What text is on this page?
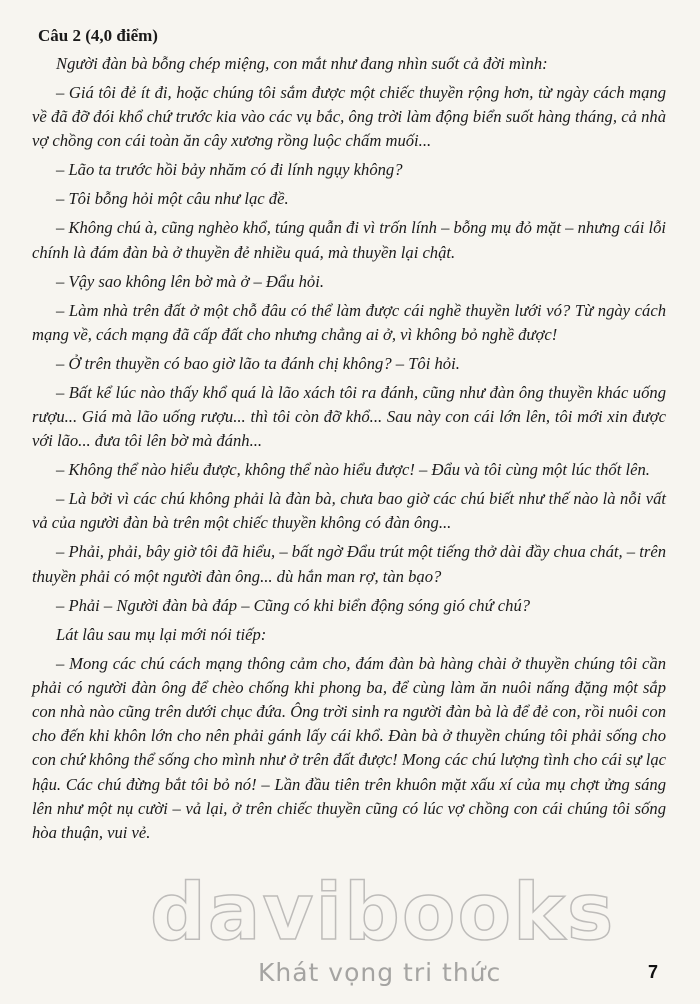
Câu 2 (4,0 điểm)

Người đàn bà bỗng chép miệng, con mắt như đang nhìn suốt cả đời mình:

– Giá tôi đẻ ít đi, hoặc chúng tôi sắm được một chiếc thuyền rộng hơn, từ ngày cách mạng về đã đỡ đói khổ chứ trước kia vào các vụ bắc, ông trời làm động biển suốt hàng tháng, cả nhà vợ chồng con cái toàn ăn cây xương rồng luộc chấm muối...

– Lão ta trước hồi bảy nhăm có đi lính ngụy không?

– Tôi bỗng hỏi một câu như lạc đề.

– Không chú à, cũng nghèo khổ, túng quẫn đi vì trốn lính – bỗng mụ đỏ mặt – nhưng cái lỗi chính là đám đàn bà ở thuyền đẻ nhiều quá, mà thuyền lại chật.

– Vậy sao không lên bờ mà ở – Đẩu hỏi.

– Làm nhà trên đất ở một chỗ đâu có thể làm được cái nghề thuyền lưới vó? Từ ngày cách mạng về, cách mạng đã cấp đất cho nhưng chẳng ai ở, vì không bỏ nghề được!

– Ở trên thuyền có bao giờ lão ta đánh chị không? – Tôi hỏi.

– Bất kể lúc nào thấy khổ quá là lão xách tôi ra đánh, cũng như đàn ông thuyền khác uống rượu... Giá mà lão uống rượu... thì tôi còn đỡ khổ... Sau này con cái lớn lên, tôi mới xin được với lão... đưa tôi lên bờ mà đánh...

– Không thể nào hiểu được, không thể nào hiểu được! – Đẩu và tôi cùng một lúc thốt lên.

– Là bởi vì các chú không phải là đàn bà, chưa bao giờ các chú biết như thế nào là nỗi vất vả của người đàn bà trên một chiếc thuyền không có đàn ông...

– Phải, phải, bây giờ tôi đã hiểu, – bất ngờ Đẩu trút một tiếng thở dài đầy chua chát, – trên thuyền phải có một người đàn ông... dù hắn man rợ, tàn bạo?

– Phải – Người đàn bà đáp – Cũng có khi biển động sóng gió chứ chú?

Lát lâu sau mụ lại mới nói tiếp:

– Mong các chú cách mạng thông cảm cho, đám đàn bà hàng chài ở thuyền chúng tôi cần phải có người đàn ông để chèo chống khi phong ba, để cùng làm ăn nuôi nấng đặng một sắp con nhà nào cũng trên dưới chục đứa. Ông trời sinh ra người đàn bà là để đẻ con, rồi nuôi con cho đến khi khôn lớn cho nên phải gánh lấy cái khổ. Đàn bà ở thuyền chúng tôi phải sống cho con chứ không thể sống cho mình như ở trên đất được! Mong các chú lượng tình cho cái sự lạc hậu. Các chú đừng bắt tôi bỏ nó! – Lần đầu tiên trên khuôn mặt xấu xí của mụ chợt ửng sáng lên như một nụ cười – vả lại, ở trên chiếc thuyền cũng có lúc vợ chồng con cái chúng tôi sống hòa thuận, vui vẻ.

davibooks
Khát vọng tri thức	7
